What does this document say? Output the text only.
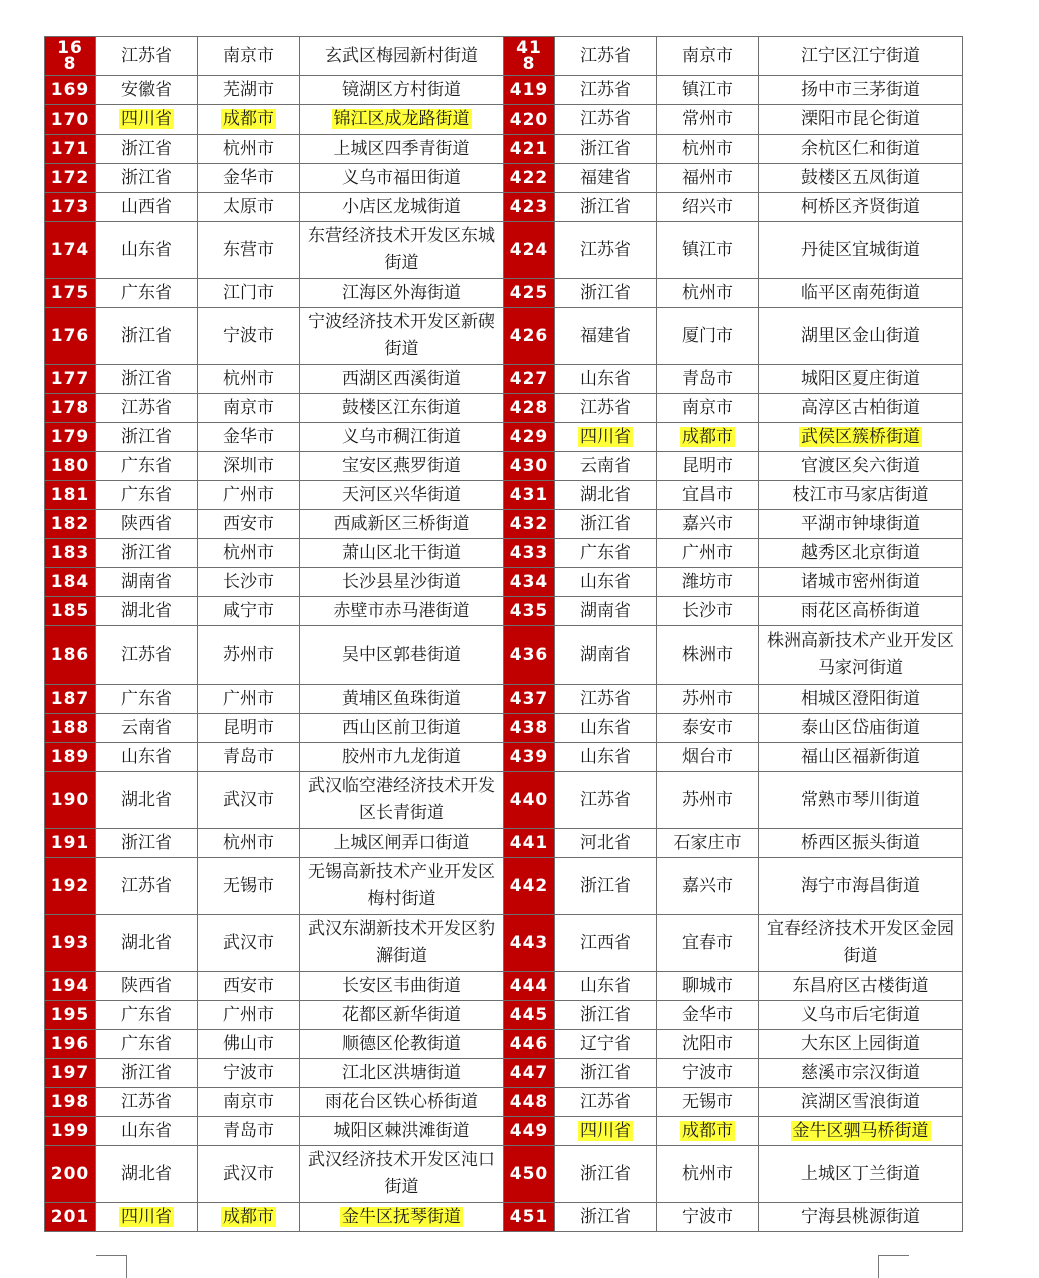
168	江苏省	南京市	玄武区梅园新村街道	418	江苏省	南京市	江宁区江宁街道
169	安徽省	芜湖市	镜湖区方村街道	419	江苏省	镇江市	扬中市三茅街道
170	四川省	成都市	锦江区成龙路街道	420	江苏省	常州市	溧阳市昆仑街道
171	浙江省	杭州市	上城区四季青街道	421	浙江省	杭州市	余杭区仁和街道
172	浙江省	金华市	义乌市福田街道	422	福建省	福州市	鼓楼区五凤街道
173	山西省	太原市	小店区龙城街道	423	浙江省	绍兴市	柯桥区齐贤街道
174	山东省	东营市	东营经济技术开发区东城街道	424	江苏省	镇江市	丹徒区宜城街道
175	广东省	江门市	江海区外海街道	425	浙江省	杭州市	临平区南苑街道
176	浙江省	宁波市	宁波经济技术开发区新碶街道	426	福建省	厦门市	湖里区金山街道
177	浙江省	杭州市	西湖区西溪街道	427	山东省	青岛市	城阳区夏庄街道
178	江苏省	南京市	鼓楼区江东街道	428	江苏省	南京市	高淳区古柏街道
179	浙江省	金华市	义乌市稠江街道	429	四川省	成都市	武侯区簇桥街道
180	广东省	深圳市	宝安区燕罗街道	430	云南省	昆明市	官渡区矣六街道
181	广东省	广州市	天河区兴华街道	431	湖北省	宜昌市	枝江市马家店街道
182	陕西省	西安市	西咸新区三桥街道	432	浙江省	嘉兴市	平湖市钟埭街道
183	浙江省	杭州市	萧山区北干街道	433	广东省	广州市	越秀区北京街道
184	湖南省	长沙市	长沙县星沙街道	434	山东省	潍坊市	诸城市密州街道
185	湖北省	咸宁市	赤壁市赤马港街道	435	湖南省	长沙市	雨花区高桥街道
186	江苏省	苏州市	吴中区郭巷街道	436	湖南省	株洲市	株洲高新技术产业开发区马家河街道
187	广东省	广州市	黄埔区鱼珠街道	437	江苏省	苏州市	相城区澄阳街道
188	云南省	昆明市	西山区前卫街道	438	山东省	泰安市	泰山区岱庙街道
189	山东省	青岛市	胶州市九龙街道	439	山东省	烟台市	福山区福新街道
190	湖北省	武汉市	武汉临空港经济技术开发区长青街道	440	江苏省	苏州市	常熟市琴川街道
191	浙江省	杭州市	上城区闸弄口街道	441	河北省	石家庄市	桥西区振头街道
192	江苏省	无锡市	无锡高新技术产业开发区梅村街道	442	浙江省	嘉兴市	海宁市海昌街道
193	湖北省	武汉市	武汉东湖新技术开发区豹澥街道	443	江西省	宜春市	宜春经济技术开发区金园街道
194	陕西省	西安市	长安区韦曲街道	444	山东省	聊城市	东昌府区古楼街道
195	广东省	广州市	花都区新华街道	445	浙江省	金华市	义乌市后宅街道
196	广东省	佛山市	顺德区伦教街道	446	辽宁省	沈阳市	大东区上园街道
197	浙江省	宁波市	江北区洪塘街道	447	浙江省	宁波市	慈溪市宗汉街道
198	江苏省	南京市	雨花台区铁心桥街道	448	江苏省	无锡市	滨湖区雪浪街道
199	山东省	青岛市	城阳区棘洪滩街道	449	四川省	成都市	金牛区驷马桥街道
200	湖北省	武汉市	武汉经济技术开发区沌口街道	450	浙江省	杭州市	上城区丁兰街道
201	四川省	成都市	金牛区抚琴街道	451	浙江省	宁波市	宁海县桃源街道
